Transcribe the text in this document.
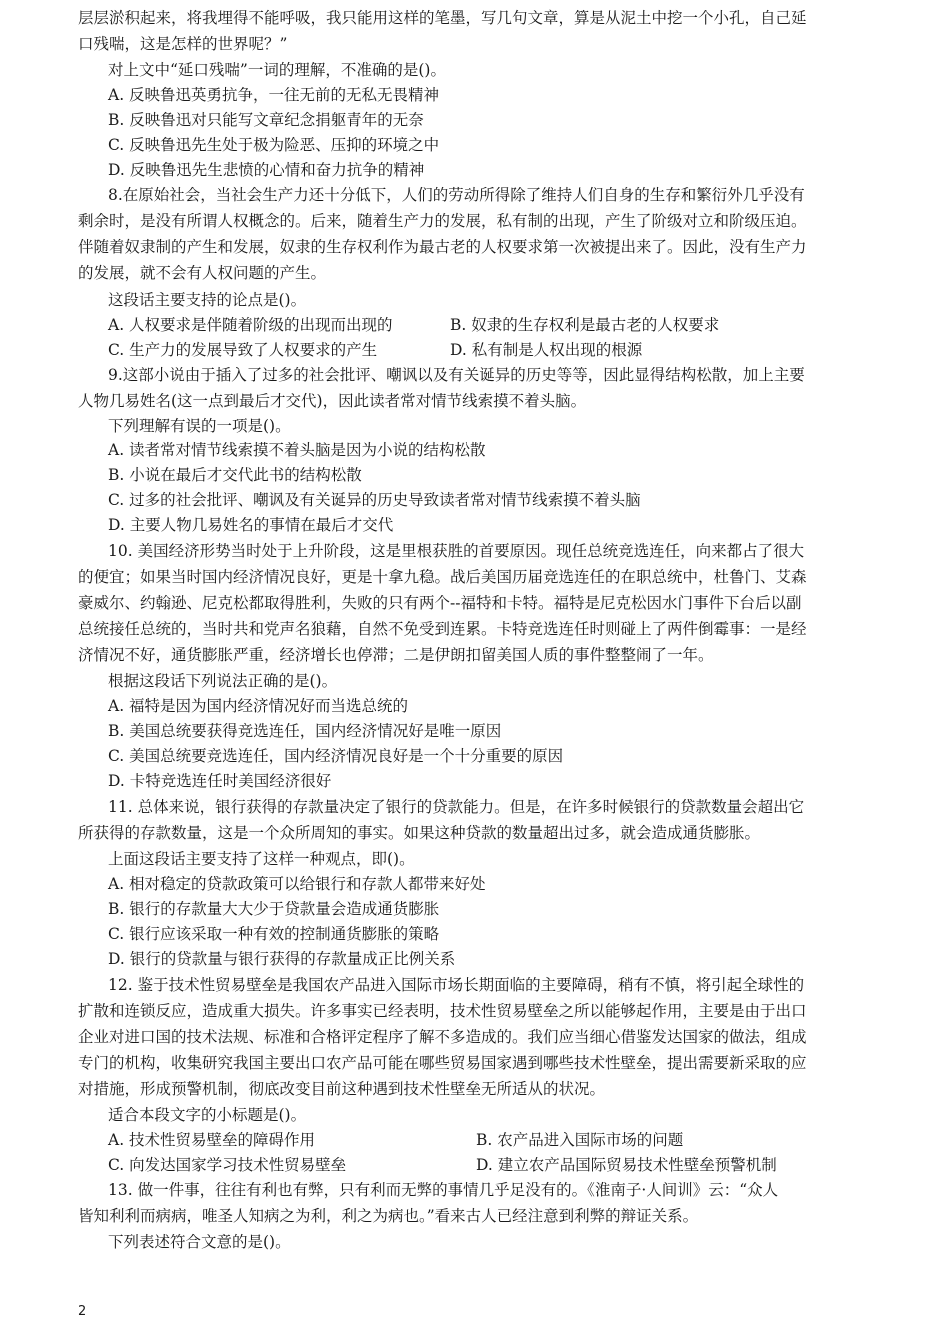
层层淤积起来，将我埋得不能呼吸，我只能用这样的笔墨，写几句文章，算是从泥土中挖一个小孔，自己延
口残喘，这是怎样的世界呢？”
对上文中“延口残喘”一词的理解，不准确的是()。
A. 反映鲁迅英勇抗争，一往无前的无私无畏精神
B. 反映鲁迅对只能写文章纪念捐躯青年的无奈
C. 反映鲁迅先生处于极为险恶、压抑的环境之中
D. 反映鲁迅先生悲愤的心情和奋力抗争的精神
8.在原始社会，当社会生产力还十分低下，人们的劳动所得除了维持人们自身的生存和繁衍外几乎没有
剩余时，是没有所谓人权概念的。后来，随着生产力的发展，私有制的出现，产生了阶级对立和阶级压迫。
伴随着奴隶制的产生和发展，奴隶的生存权利作为最古老的人权要求第一次被提出来了。因此，没有生产力
的发展，就不会有人权问题的产生。
这段话主要支持的论点是()。
A. 人权要求是伴随着阶级的出现而出现的	B. 奴隶的生存权利是最古老的人权要求
C. 生产力的发展导致了人权要求的产生	D. 私有制是人权出现的根源
9.这部小说由于插入了过多的社会批评、嘲讽以及有关诞异的历史等等，因此显得结构松散，加上主要
人物几易姓名(这一点到最后才交代)，因此读者常对情节线索摸不着头脑。
下列理解有误的一项是()。
A. 读者常对情节线索摸不着头脑是因为小说的结构松散
B. 小说在最后才交代此书的结构松散
C. 过多的社会批评、嘲讽及有关诞异的历史导致读者常对情节线索摸不着头脑
D. 主要人物几易姓名的事情在最后才交代
10. 美国经济形势当时处于上升阶段，这是里根获胜的首要原因。现任总统竞选连任，向来都占了很大
的便宜；如果当时国内经济情况良好，更是十拿九稳。战后美国历届竞选连任的在职总统中，杜鲁门、艾森
豪威尔、约翰逊、尼克松都取得胜利，失败的只有两个--福特和卡特。福特是尼克松因水门事件下台后以副
总统接任总统的，当时共和党声名狼藉，自然不免受到连累。卡特竞选连任时则碰上了两件倒霉事：一是经
济情况不好，通货膨胀严重，经济增长也停滞；二是伊朗扣留美国人质的事件整整闹了一年。
根据这段话下列说法正确的是()。
A. 福特是因为国内经济情况好而当选总统的
B. 美国总统要获得竞选连任，国内经济情况好是唯一原因
C. 美国总统要竞选连任，国内经济情况良好是一个十分重要的原因
D. 卡特竞选连任时美国经济很好
11. 总体来说，银行获得的存款量决定了银行的贷款能力。但是，在许多时候银行的贷款数量会超出它
所获得的存款数量，这是一个众所周知的事实。如果这种贷款的数量超出过多，就会造成通货膨胀。
上面这段话主要支持了这样一种观点，即()。
A. 相对稳定的贷款政策可以给银行和存款人都带来好处
B. 银行的存款量大大少于贷款量会造成通货膨胀
C. 银行应该采取一种有效的控制通货膨胀的策略
D. 银行的贷款量与银行获得的存款量成正比例关系
12. 鉴于技术性贸易壁垒是我国农产品进入国际市场长期面临的主要障碍，稍有不慎，将引起全球性的
扩散和连锁反应，造成重大损失。许多事实已经表明，技术性贸易壁垒之所以能够起作用，主要是由于出口
企业对进口国的技术法规、标准和合格评定程序了解不多造成的。我们应当细心借鉴发达国家的做法，组成
专门的机构，收集研究我国主要出口农产品可能在哪些贸易国家遇到哪些技术性壁垒，提出需要新采取的应
对措施，形成预警机制，彻底改变目前这种遇到技术性壁垒无所适从的状况。
适合本段文字的小标题是()。
A. 技术性贸易壁垒的障碍作用	B. 农产品进入国际市场的问题
C. 向发达国家学习技术性贸易壁垒	D. 建立农产品国际贸易技术性壁垒预警机制
13. 做一件事，往往有利也有弊，只有利而无弊的事情几乎足没有的。《淮南子·人间训》云：“众人
皆知利利而病病，唯圣人知病之为利，利之为病也。”看来古人已经注意到利弊的辩证关系。
下列表述符合文意的是()。
2
